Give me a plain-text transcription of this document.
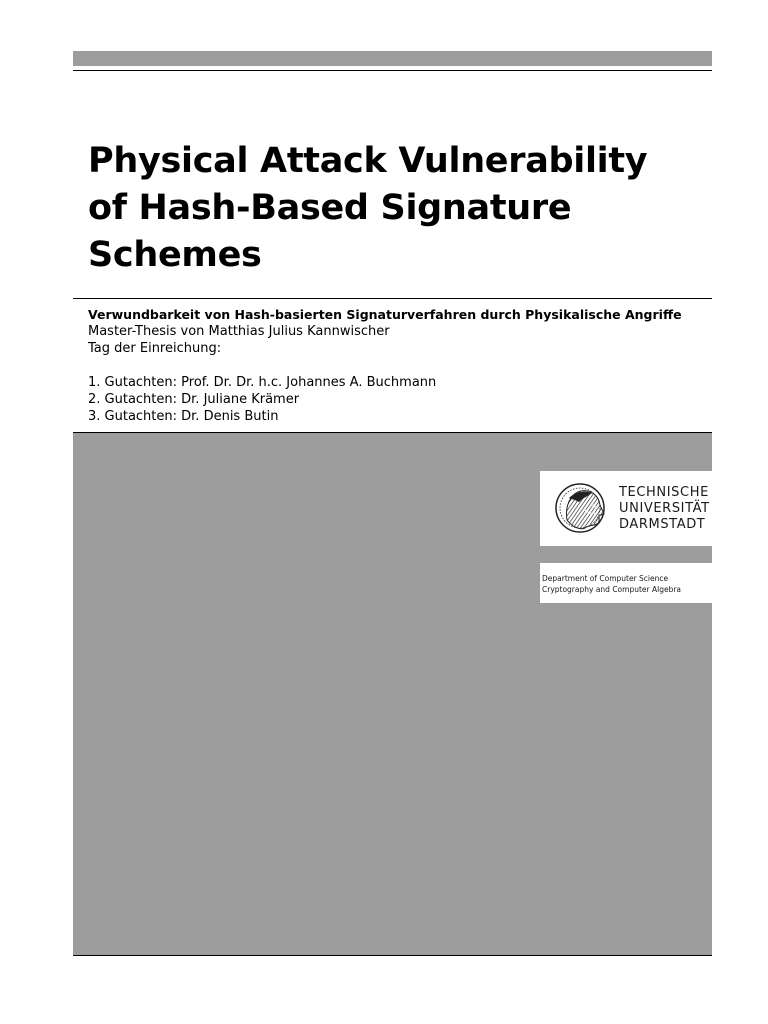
Physical Attack Vulnerability
of Hash-Based Signature
Schemes
Verwundbarkeit von Hash-basierten Signaturverfahren durch Physikalische Angriffe
Master-Thesis von Matthias Julius Kannwischer
Tag der Einreichung:
1. Gutachten: Prof. Dr. Dr. h.c. Johannes A. Buchmann
2. Gutachten: Dr. Juliane Krämer
3. Gutachten: Dr. Denis Butin
TECHNISCHE
UNIVERSITÄT
DARMSTADT
Department of Computer Science
Cryptography and Computer Algebra
